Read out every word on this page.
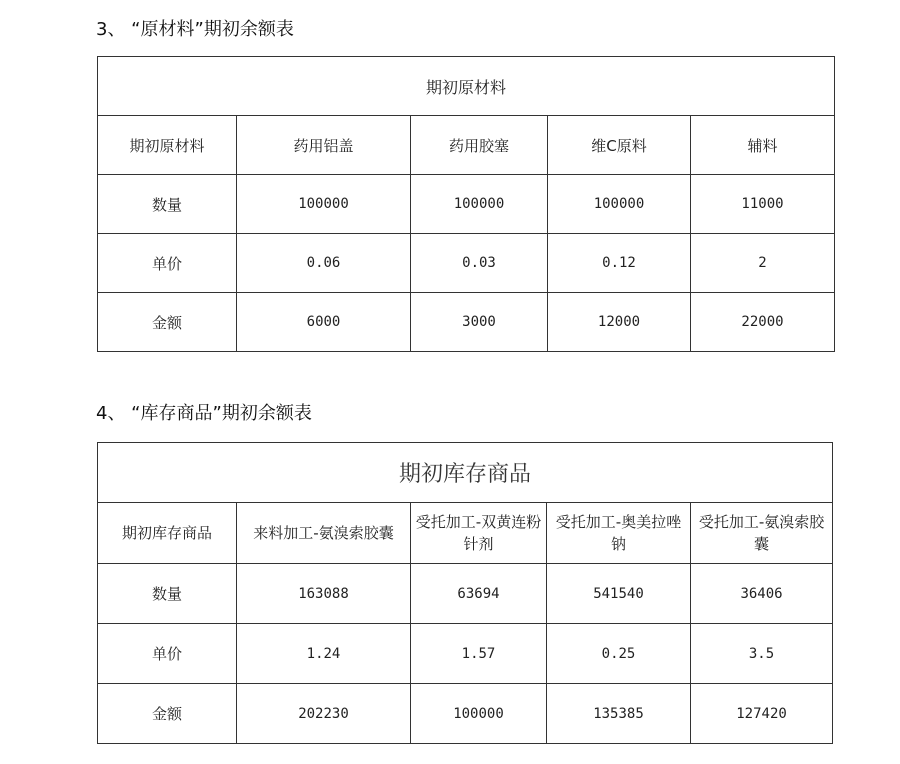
3、 “原材料”期初余额表
期初原材料				
期初原材料	药用铝盖	药用胶塞	维C原料	辅料
数量	100000	100000	100000	11000
单价	0.06	0.03	0.12	2
金额	6000	3000	12000	22000
4、 “库存商品”期初余额表
期初库存商品				
期初库存商品	来料加工-氨溴索胶囊	受托加工-双黄连粉针剂	受托加工-奥美拉唑钠	受托加工-氨溴索胶囊
数量	163088	63694	541540	36406
单价	1.24	1.57	0.25	3.5
金额	202230	100000	135385	127420
